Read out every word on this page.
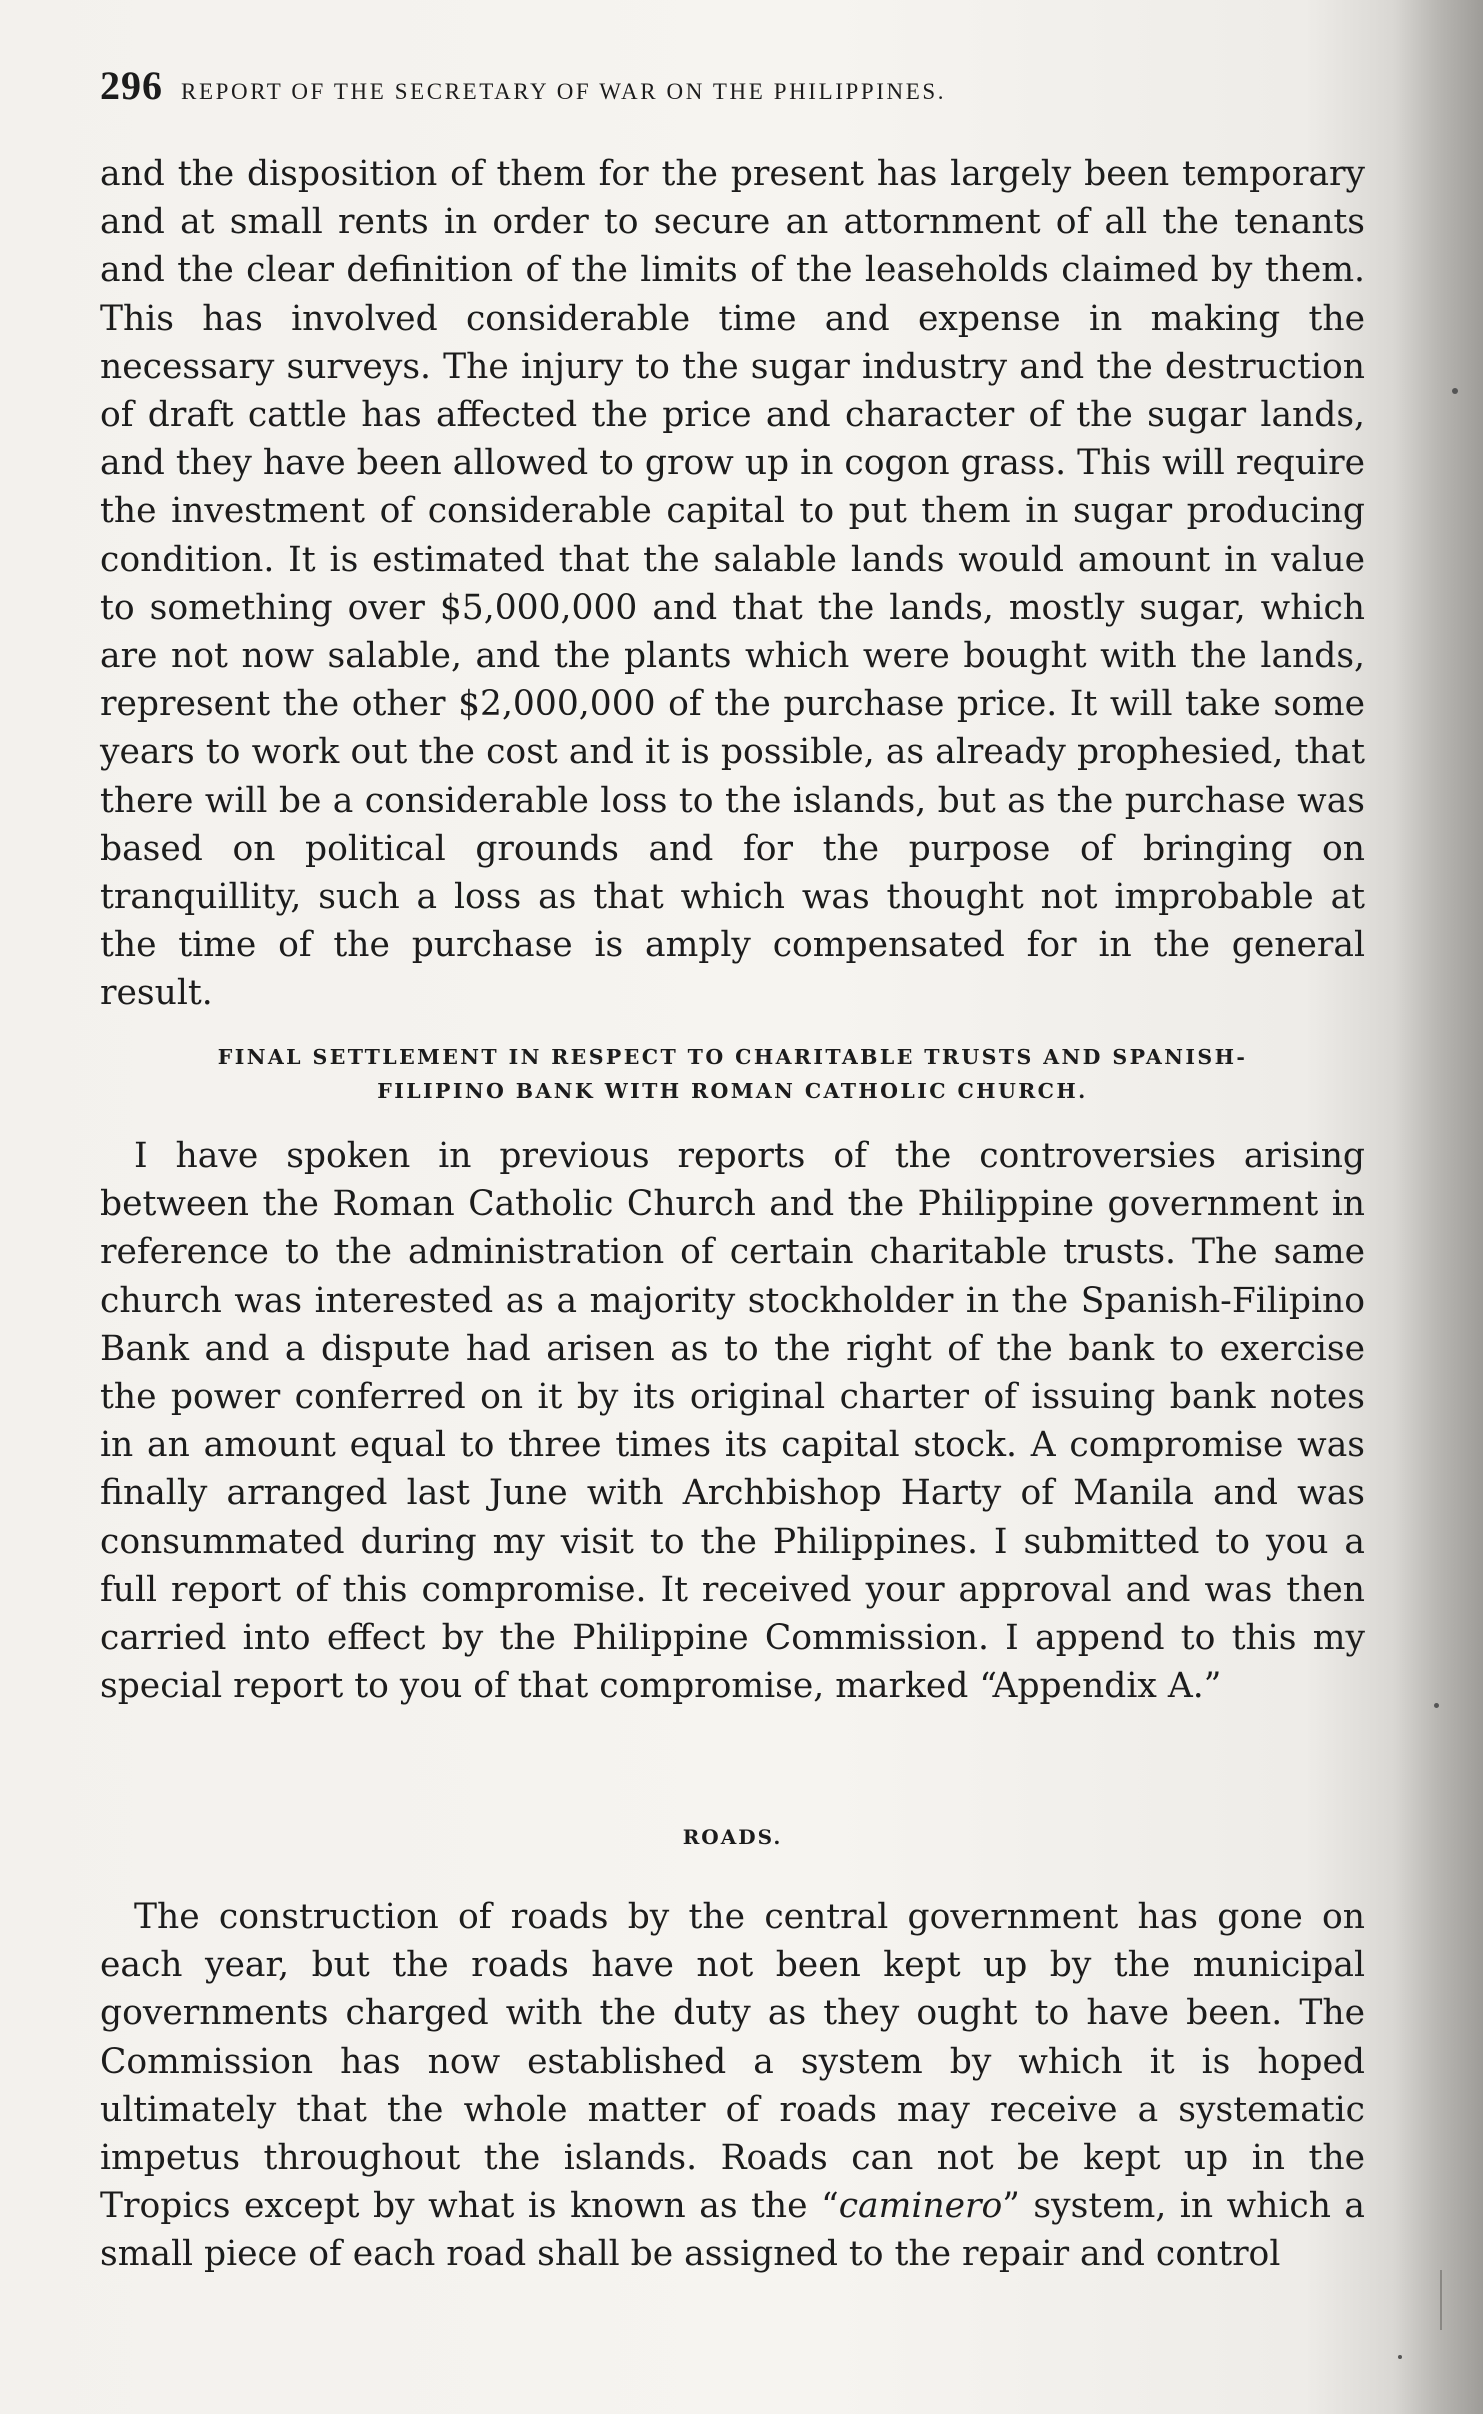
296 REPORT OF THE SECRETARY OF WAR ON THE PHILIPPINES.

and the disposition of them for the present has largely been temporary and at small rents in order to secure an attornment of all the tenants and the clear definition of the limits of the leaseholds claimed by them. This has involved considerable time and expense in making the necessary surveys. The injury to the sugar industry and the destruction of draft cattle has affected the price and character of the sugar lands, and they have been allowed to grow up in cogon grass. This will require the investment of considerable capital to put them in sugar producing condition. It is estimated that the salable lands would amount in value to something over $5,000,000 and that the lands, mostly sugar, which are not now salable, and the plants which were bought with the lands, represent the other $2,000,000 of the purchase price. It will take some years to work out the cost and it is possible, as already prophesied, that there will be a considerable loss to the islands, but as the purchase was based on political grounds and for the purpose of bringing on tranquillity, such a loss as that which was thought not improbable at the time of the purchase is amply compensated for in the general result.

FINAL SETTLEMENT IN RESPECT TO CHARITABLE TRUSTS AND SPANISH-

FILIPINO BANK WITH ROMAN CATHOLIC CHURCH.

I have spoken in previous reports of the controversies arising between the Roman Catholic Church and the Philippine government in reference to the administration of certain charitable trusts. The same church was interested as a majority stockholder in the Spanish-Filipino Bank and a dispute had arisen as to the right of the bank to exercise the power conferred on it by its original charter of issuing bank notes in an amount equal to three times its capital stock. A compromise was finally arranged last June with Archbishop Harty of Manila and was consummated during my visit to the Philippines. I submitted to you a full report of this compromise. It received your approval and was then carried into effect by the Philippine Commission. I append to this my special report to you of that compromise, marked “Appendix A.”

ROADS.

The construction of roads by the central government has gone on each year, but the roads have not been kept up by the municipal governments charged with the duty as they ought to have been. The Commission has now established a system by which it is hoped ultimately that the whole matter of roads may receive a systematic impetus throughout the islands. Roads can not be kept up in the Tropics except by what is known as the “caminero” system, in which a small piece of each road shall be assigned to the repair and control
